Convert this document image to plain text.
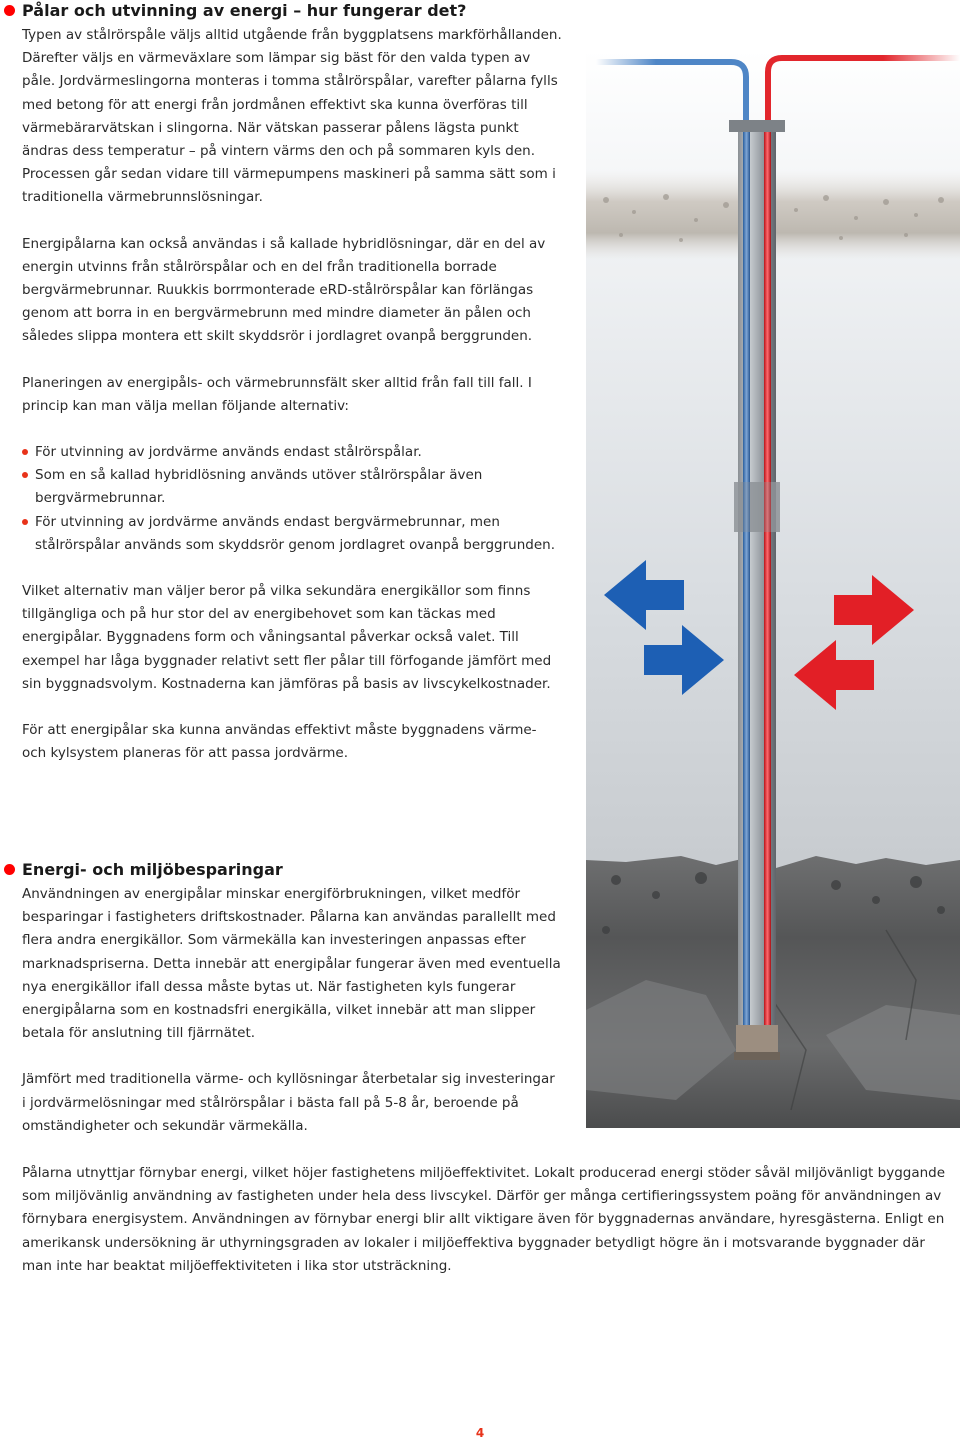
Pålar och utvinning av energi – hur fungerar det?

Typen av stålrörspåle väljs alltid utgående från byggplatsens markförhållanden. Därefter väljs en värmeväxlare som lämpar sig bäst för den valda typen av påle. Jordvärmeslingorna monteras i tomma stålrörspålar, varefter pålarna fylls med betong för att energi från jordmånen effektivt ska kunna överföras till värmebärarvätskan i slingorna. När vätskan passerar pålens lägsta punkt ändras dess temperatur – på vintern värms den och på sommaren kyls den. Processen går sedan vidare till värmepumpens maskineri på samma sätt som i traditionella värmebrunnslösningar.

Energipålarna kan också användas i så kallade hybridlösningar, där en del av energin utvinns från stålrörspålar och en del från traditionella borrade bergvärmebrunnar. Ruukkis borrmonterade eRD-stålrörspålar kan förlängas genom att borra in en bergvärmebrunn med mindre diameter än pålen och således slippa montera ett skilt skyddsrör i jordlagret ovanpå berggrunden.

Planeringen av energipåls- och värmebrunnsfält sker alltid från fall till fall. I princip kan man välja mellan följande alternativ:

För utvinning av jordvärme används endast stålrörspålar.
Som en så kallad hybridlösning används utöver stålrörspålar även bergvärmebrunnar.
För utvinning av jordvärme används endast bergvärmebrunnar, men stålrörspålar används som skyddsrör genom jordlagret ovanpå berggrunden.

Vilket alternativ man väljer beror på vilka sekundära energikällor som finns tillgängliga och på hur stor del av energibehovet som kan täckas med energipålar. Byggnadens form och våningsantal påverkar också valet. Till exempel har låga byggnader relativt sett fler pålar till förfogande jämfört med sin byggnadsvolym. Kostnaderna kan jämföras på basis av livscykelkostnader.

För att energipålar ska kunna användas effektivt måste byggnadens värme- och kylsystem planeras för att passa jordvärme.

Energi- och miljöbesparingar

Användningen av energipålar minskar energiförbrukningen, vilket medför besparingar i fastigheters driftskostnader. Pålarna kan användas parallellt med flera andra energikällor. Som värmekälla kan investeringen anpassas efter marknadspriserna. Detta innebär att energipålar fungerar även med eventuella nya energikällor ifall dessa måste bytas ut. När fastigheten kyls fungerar energipålarna som en kostnadsfri energikälla, vilket innebär att man slipper betala för anslutning till fjärrnätet.

Jämfört med traditionella värme- och kyllösningar återbetalar sig investeringar i jordvärmelösningar med stålrörspålar i bästa fall på 5-8 år, beroende på omständigheter och sekundär värmekälla.

Pålarna utnyttjar förnybar energi, vilket höjer fastighetens miljöeffektivitet. Lokalt producerad energi stöder såväl miljövänligt byggande som miljövänlig användning av fastigheten under hela dess livscykel. Därför ger många certifieringssystem poäng för användningen av förnybara energisystem. Användningen av förnybar energi blir allt viktigare även för byggnadernas användare, hyresgästerna. Enligt en amerikansk undersökning är uthyrningsgraden av lokaler i miljöeffektiva byggnader betydligt högre än i motsvarande byggnader där man inte har beaktat miljöeffektiviteten i lika stor utsträckning.

4
